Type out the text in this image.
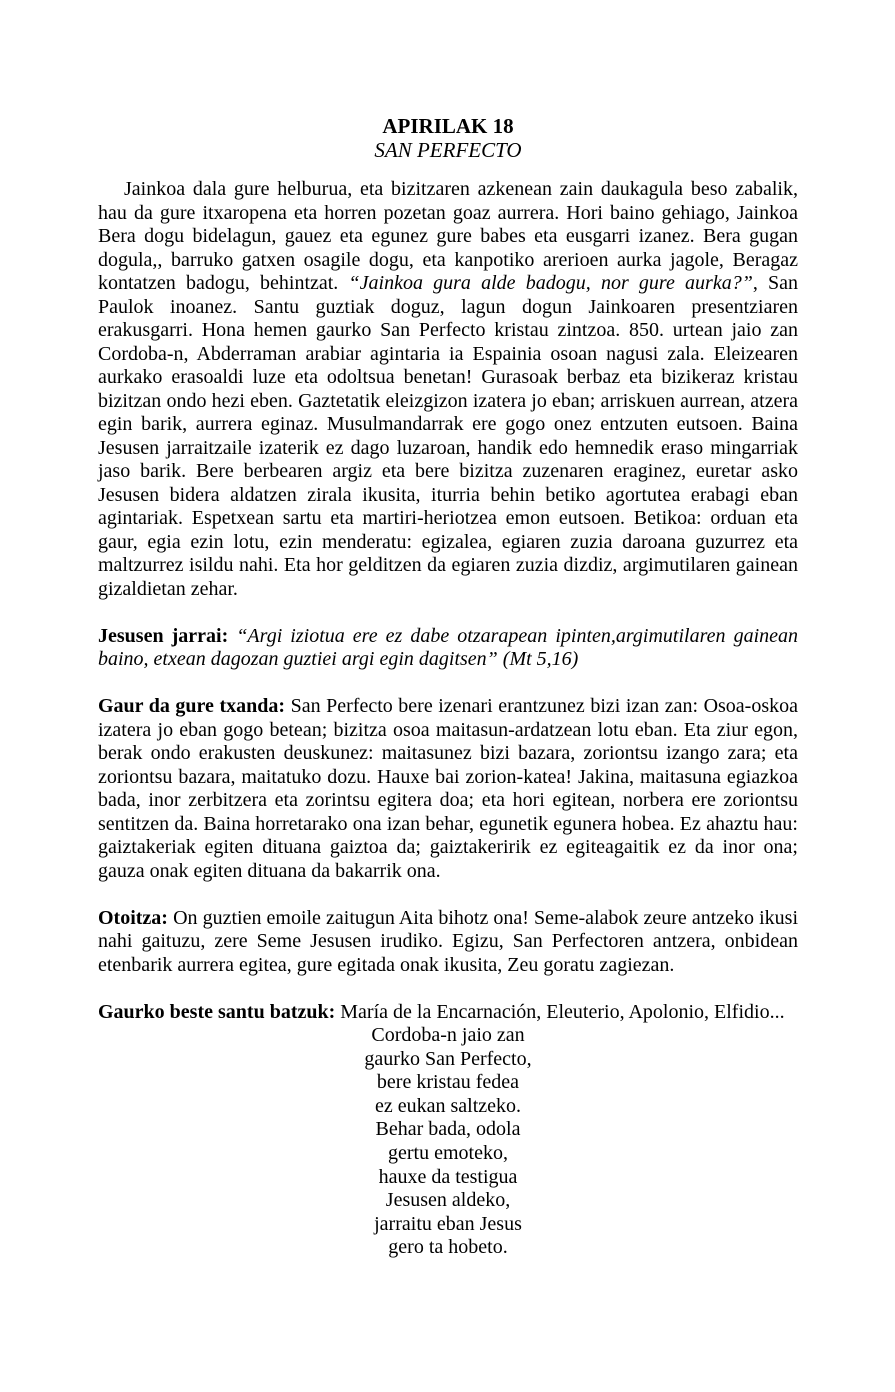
APIRILAK 18
SAN PERFECTO

Jainkoa dala gure helburua, eta bizitzaren azkenean zain daukagula beso zabalik, hau da gure itxaropena eta horren pozetan goaz aurrera. Hori baino gehiago, Jainkoa Bera dogu bidelagun, gauez eta egunez gure babes eta eusgarri izanez. Bera gugan dogula,, barruko gatxen osagile dogu, eta kanpotiko arerioen aurka jagole, Beragaz kontatzen badogu, behintzat. “Jainkoa gura alde badogu, nor gure aurka?”, San Paulok inoanez. Santu guztiak doguz, lagun dogun Jainkoaren presentziaren erakusgarri. Hona hemen gaurko San Perfecto kristau zintzoa. 850. urtean jaio zan Cordoba-n, Abderraman arabiar agintaria ia Espainia osoan nagusi zala. Eleizearen aurkako erasoaldi luze eta odoltsua benetan! Gurasoak berbaz eta bizikeraz kristau bizitzan ondo hezi eben. Gaztetatik eleizgizon izatera jo eban; arriskuen aurrean, atzera egin barik, aurrera eginaz. Musulmandarrak ere gogo onez entzuten eutsoen. Baina Jesusen jarraitzaile izaterik ez dago luzaroan, handik edo hemnedik eraso mingarriak jaso barik. Bere berbearen argiz eta bere bizitza zuzenaren eraginez, euretar asko Jesusen bidera aldatzen zirala ikusita, iturria behin betiko agortutea erabagi eban agintariak. Espetxean sartu eta martiri-heriotzea emon eutsoen. Betikoa: orduan eta gaur, egia ezin lotu, ezin menderatu: egizalea, egiaren zuzia daroana guzurrez eta maltzurrez isildu nahi. Eta hor gelditzen da egiaren zuzia dizdiz, argimutilaren gainean gizaldietan zehar.

Jesusen jarrai: “Argi iziotua ere ez dabe otzarapean ipinten,argimutilaren gainean baino, etxean dagozan guztiei argi egin dagitsen” (Mt 5,16)

Gaur da gure txanda: San Perfecto bere izenari erantzunez bizi izan zan: Osoa-oskoa izatera jo eban gogo betean; bizitza osoa maitasun-ardatzean lotu eban. Eta ziur egon, berak ondo erakusten deuskunez: maitasunez bizi bazara, zoriontsu izango zara; eta zoriontsu bazara, maitatuko dozu. Hauxe bai zorion-katea! Jakina, maitasuna egiazkoa bada, inor zerbitzera eta zorintsu egitera doa; eta hori egitean, norbera ere zoriontsu sentitzen da. Baina horretarako ona izan behar, egunetik egunera hobea. Ez ahaztu hau: gaiztakeriak egiten dituana gaiztoa da; gaiztakeririk ez egiteagaitik ez da inor ona; gauza onak egiten dituana da bakarrik ona.

Otoitza: On guztien emoile zaitugun Aita bihotz ona! Seme-alabok zeure antzeko ikusi nahi gaituzu, zere Seme Jesusen irudiko. Egizu, San Perfectoren antzera, onbidean etenbarik aurrera egitea, gure egitada onak ikusita, Zeu goratu zagiezan.

Gaurko beste santu batzuk: María de la Encarnación, Eleuterio, Apolonio, Elfidio...

Cordoba-n jaio zan
gaurko San Perfecto,
bere kristau fedea
ez eukan saltzeko.
Behar bada, odola
gertu emoteko,
hauxe da testigua
Jesusen aldeko,
jarraitu eban Jesus
gero ta hobeto.
